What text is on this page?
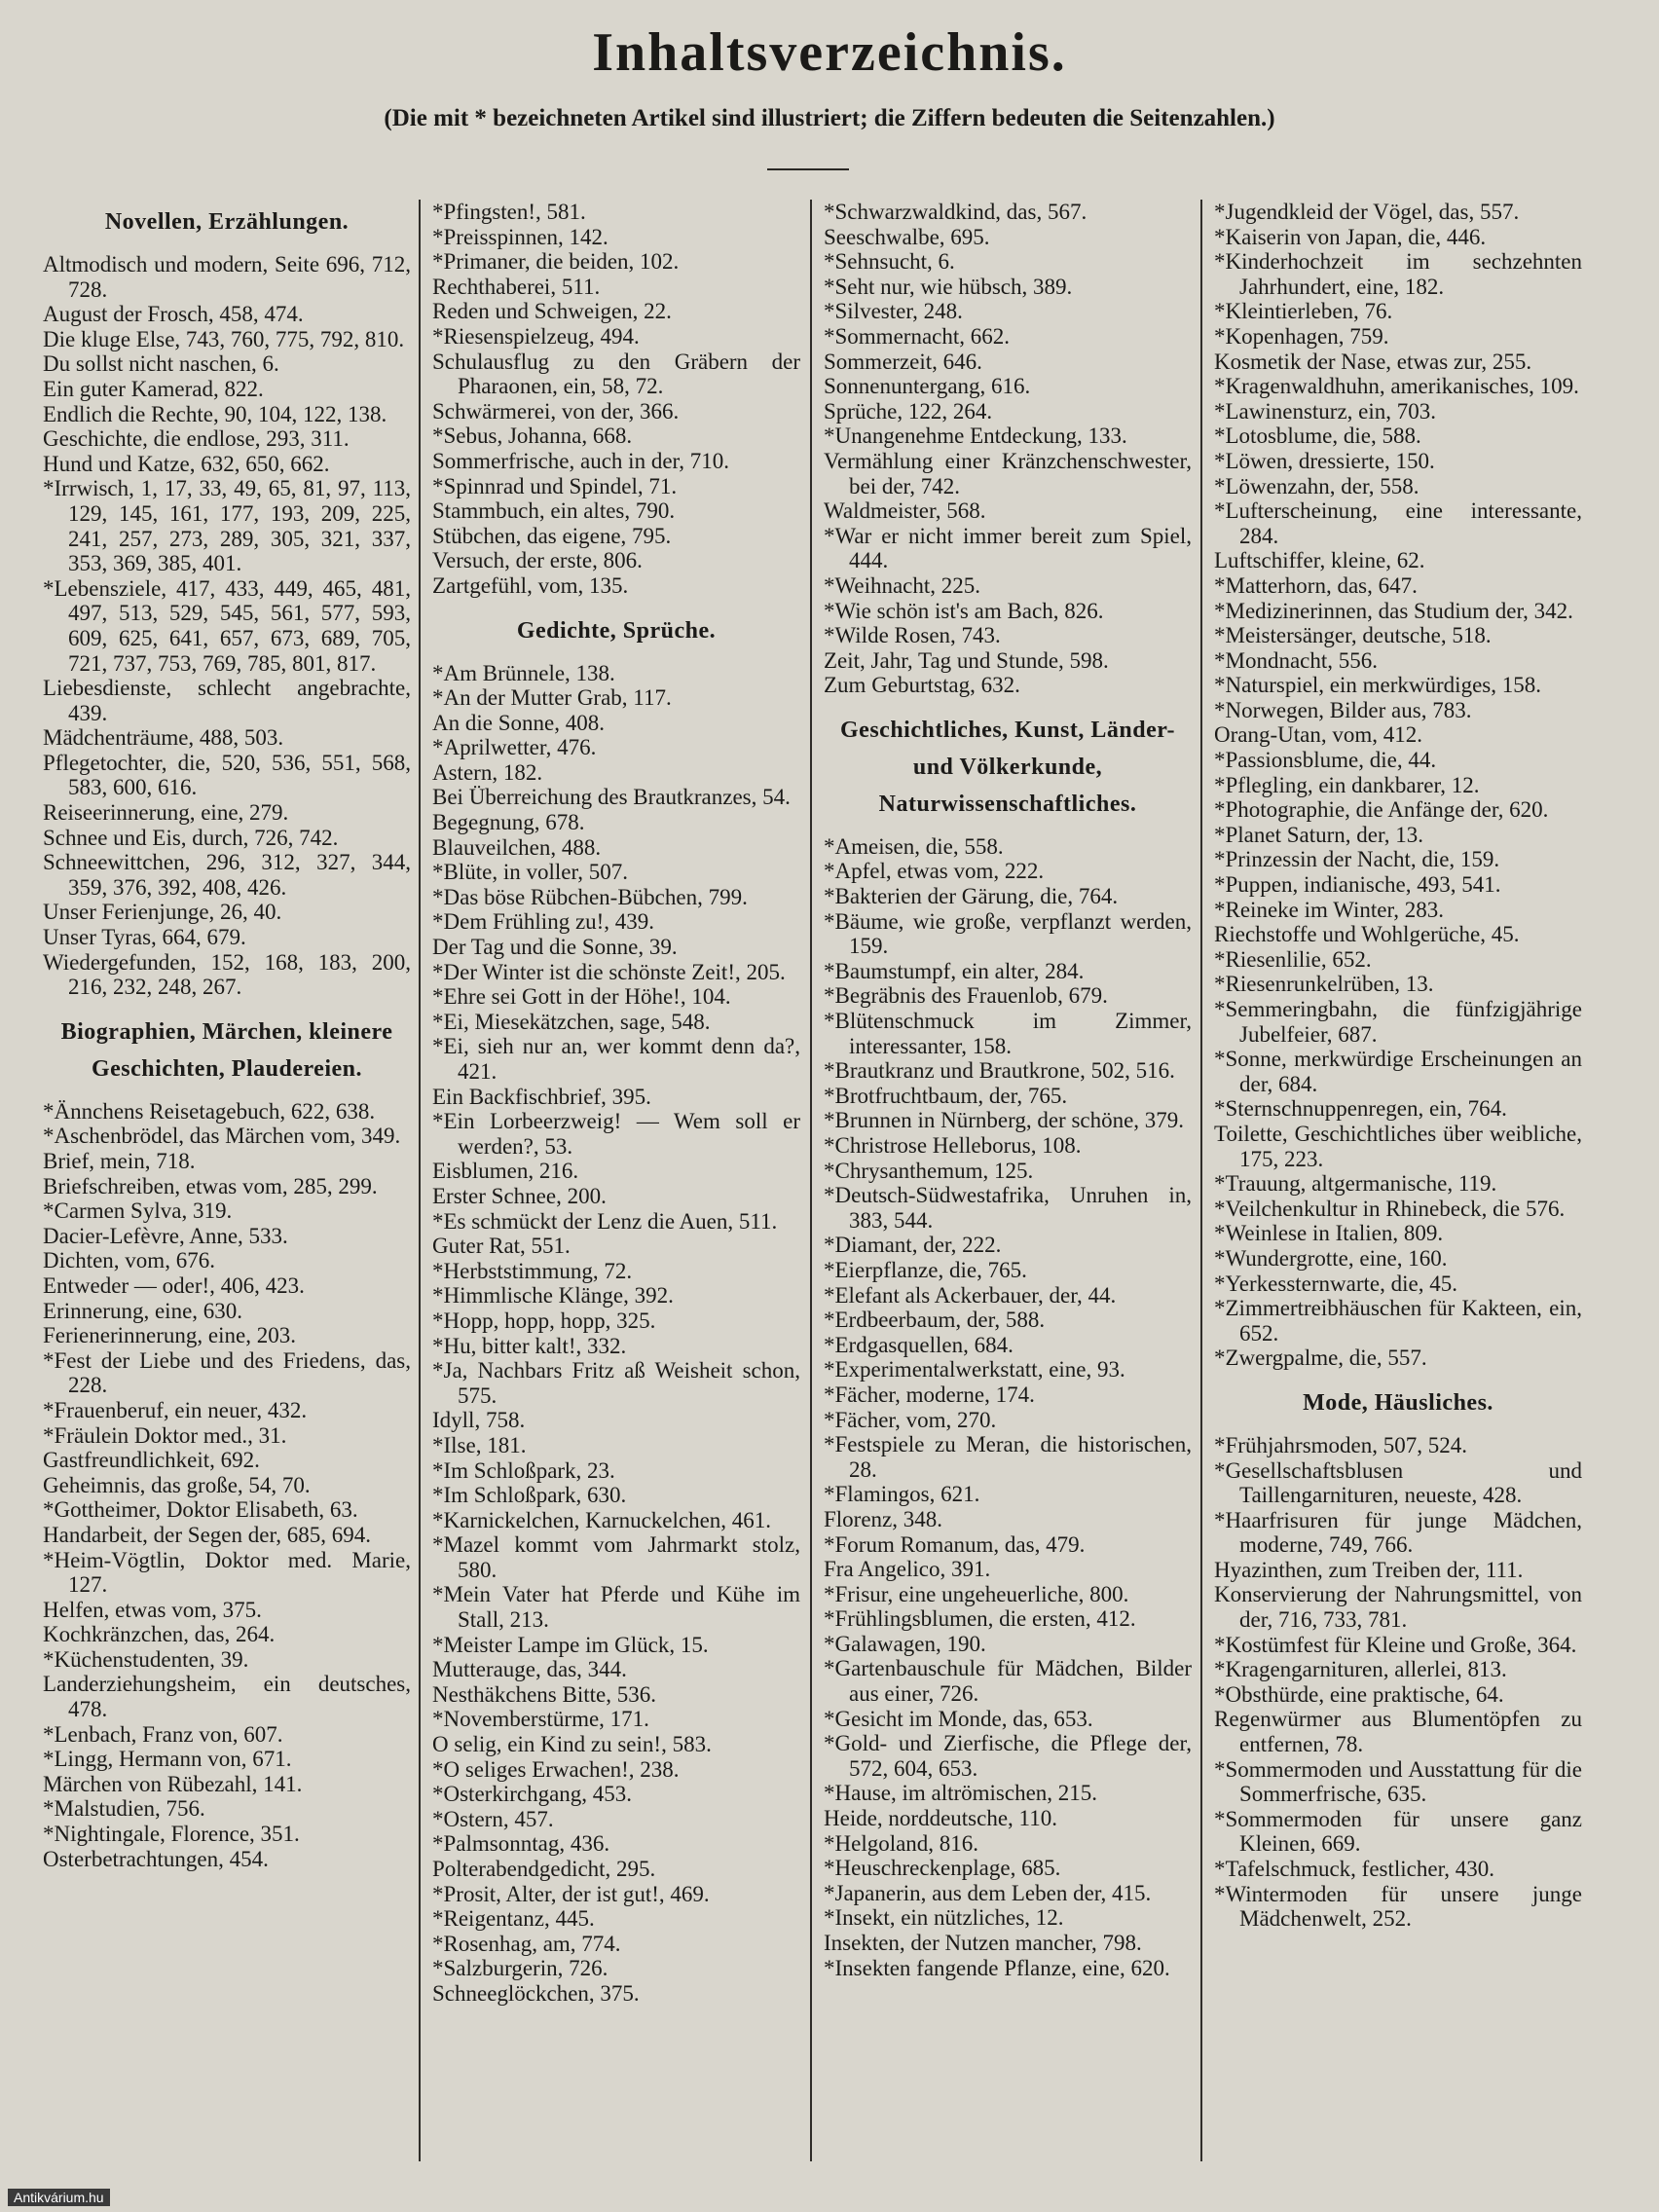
Inhaltsverzeichnis.
(Die mit * bezeichneten Artikel sind illustriert; die Ziffern bedeuten die Seitenzahlen.)
Novellen, Erzählungen.
Altmodisch und modern, Seite 696, 712, 728.
August der Frosch, 458, 474.
Die kluge Else, 743, 760, 775, 792, 810.
Du sollst nicht naschen, 6.
Ein guter Kamerad, 822.
Endlich die Rechte, 90, 104, 122, 138.
Geschichte, die endlose, 293, 311.
Hund und Katze, 632, 650, 662.
*Irrwisch, 1, 17, 33, 49, 65, 81, 97, 113, 129, 145, 161, 177, 193, 209, 225, 241, 257, 273, 289, 305, 321, 337, 353, 369, 385, 401.
*Lebensziele, 417, 433, 449, 465, 481, 497, 513, 529, 545, 561, 577, 593, 609, 625, 641, 657, 673, 689, 705, 721, 737, 753, 769, 785, 801, 817.
Liebesdienste, schlecht angebrachte, 439.
Mädchenträume, 488, 503.
Pflegetochter, die, 520, 536, 551, 568, 583, 600, 616.
Reiseerinnerung, eine, 279.
Schnee und Eis, durch, 726, 742.
Schneewittchen, 296, 312, 327, 344, 359, 376, 392, 408, 426.
Unser Ferienjunge, 26, 40.
Unser Tyras, 664, 679.
Wiedergefunden, 152, 168, 183, 200, 216, 232, 248, 267.
Biographien, Märchen, kleinere Geschichten, Plaudereien.
*Ännchens Reisetagebuch, 622, 638.
*Aschenbrödel, das Märchen vom, 349.
Brief, mein, 718.
Briefschreiben, etwas vom, 285, 299.
*Carmen Sylva, 319.
Dacier-Lefèvre, Anne, 533.
Dichten, vom, 676.
Entweder — oder!, 406, 423.
Erinnerung, eine, 630.
Ferienerinnerung, eine, 203.
*Fest der Liebe und des Friedens, das, 228.
*Frauenberuf, ein neuer, 432.
*Fräulein Doktor med., 31.
Gastfreundlichkeit, 692.
Geheimnis, das große, 54, 70.
*Gottheimer, Doktor Elisabeth, 63.
Handarbeit, der Segen der, 685, 694.
*Heim-Vögtlin, Doktor med. Marie, 127.
Helfen, etwas vom, 375.
Kochkränzchen, das, 264.
*Küchenstudenten, 39.
Landerziehungsheim, ein deutsches, 478.
*Lenbach, Franz von, 607.
*Lingg, Hermann von, 671.
Märchen von Rübezahl, 141.
*Malstudien, 756.
*Nightingale, Florence, 351.
Osterbetrachtungen, 454.
*Pfingsten!, 581.
*Preisspinnen, 142.
*Primaner, die beiden, 102.
Rechthaberei, 511.
Reden und Schweigen, 22.
*Riesenspielzeug, 494.
Schulausflug zu den Gräbern der Pharaonen, ein, 58, 72.
Schwärmerei, von der, 366.
*Sebus, Johanna, 668.
Sommerfrische, auch in der, 710.
*Spinnrad und Spindel, 71.
Stammbuch, ein altes, 790.
Stübchen, das eigene, 795.
Versuch, der erste, 806.
Zartgefühl, vom, 135.
Gedichte, Sprüche.
*Am Brünnele, 138.
*An der Mutter Grab, 117.
An die Sonne, 408.
*Aprilwetter, 476.
Astern, 182.
Bei Überreichung des Brautkranzes, 54.
Begegnung, 678.
Blauveilchen, 488.
*Blüte, in voller, 507.
*Das böse Rübchen-Bübchen, 799.
*Dem Frühling zu!, 439.
Der Tag und die Sonne, 39.
*Der Winter ist die schönste Zeit!, 205.
*Ehre sei Gott in der Höhe!, 104.
*Ei, Miesekätzchen, sage, 548.
*Ei, sieh nur an, wer kommt denn da?, 421.
Ein Backfischbrief, 395.
*Ein Lorbeerzweig! — Wem soll er werden?, 53.
Eisblumen, 216.
Erster Schnee, 200.
*Es schmückt der Lenz die Auen, 511.
Guter Rat, 551.
*Herbststimmung, 72.
*Himmlische Klänge, 392.
*Hopp, hopp, hopp, 325.
*Hu, bitter kalt!, 332.
*Ja, Nachbars Fritz aß Weisheit schon, 575.
Idyll, 758.
*Ilse, 181.
*Im Schloßpark, 23.
*Im Schloßpark, 630.
*Karnickelchen, Karnuckelchen, 461.
*Mazel kommt vom Jahrmarkt stolz, 580.
*Mein Vater hat Pferde und Kühe im Stall, 213.
*Meister Lampe im Glück, 15.
Mutterauge, das, 344.
Nesthäkchens Bitte, 536.
*Novemberstürme, 171.
O selig, ein Kind zu sein!, 583.
*O seliges Erwachen!, 238.
*Osterkirchgang, 453.
*Ostern, 457.
*Palmsonntag, 436.
Polterabendgedicht, 295.
*Prosit, Alter, der ist gut!, 469.
*Reigentanz, 445.
*Rosenhag, am, 774.
*Salzburgerin, 726.
Schneeglöckchen, 375.
*Schwarzwaldkind, das, 567.
Seeschwalbe, 695.
*Sehnsucht, 6.
*Seht nur, wie hübsch, 389.
*Silvester, 248.
*Sommernacht, 662.
Sommerzeit, 646.
Sonnenuntergang, 616.
Sprüche, 122, 264.
*Unangenehme Entdeckung, 133.
Vermählung einer Kränzchenschwester, bei der, 742.
Waldmeister, 568.
*War er nicht immer bereit zum Spiel, 444.
*Weihnacht, 225.
*Wie schön ist's am Bach, 826.
*Wilde Rosen, 743.
Zeit, Jahr, Tag und Stunde, 598.
Zum Geburtstag, 632.
Geschichtliches, Kunst, Länder- und Völkerkunde, Naturwissenschaftliches.
*Ameisen, die, 558.
*Apfel, etwas vom, 222.
*Bakterien der Gärung, die, 764.
*Bäume, wie große, verpflanzt werden, 159.
*Baumstumpf, ein alter, 284.
*Begräbnis des Frauenlob, 679.
*Blütenschmuck im Zimmer, interessanter, 158.
*Brautkranz und Brautkrone, 502, 516.
*Brotfruchtbaum, der, 765.
*Brunnen in Nürnberg, der schöne, 379.
*Christrose Helleborus, 108.
*Chrysanthemum, 125.
*Deutsch-Südwestafrika, Unruhen in, 383, 544.
*Diamant, der, 222.
*Eierpflanze, die, 765.
*Elefant als Ackerbauer, der, 44.
*Erdbeerbaum, der, 588.
*Erdgasquellen, 684.
*Experimentalwerkstatt, eine, 93.
*Fächer, moderne, 174.
*Fächer, vom, 270.
*Festspiele zu Meran, die historischen, 28.
*Flamingos, 621.
Florenz, 348.
*Forum Romanum, das, 479.
Fra Angelico, 391.
*Frisur, eine ungeheuerliche, 800.
*Frühlingsblumen, die ersten, 412.
*Galawagen, 190.
*Gartenbauschule für Mädchen, Bilder aus einer, 726.
*Gesicht im Monde, das, 653.
*Gold- und Zierfische, die Pflege der, 572, 604, 653.
*Hause, im altrömischen, 215.
Heide, norddeutsche, 110.
*Helgoland, 816.
*Heuschreckenplage, 685.
*Japanerin, aus dem Leben der, 415.
*Insekt, ein nützliches, 12.
Insekten, der Nutzen mancher, 798.
*Insekten fangende Pflanze, eine, 620.
*Jugendkleid der Vögel, das, 557.
*Kaiserin von Japan, die, 446.
*Kinderhochzeit im sechzehnten Jahrhundert, eine, 182.
*Kleintierleben, 76.
*Kopenhagen, 759.
Kosmetik der Nase, etwas zur, 255.
*Kragenwaldhuhn, amerikanisches, 109.
*Lawinensturz, ein, 703.
*Lotosblume, die, 588.
*Löwen, dressierte, 150.
*Löwenzahn, der, 558.
*Lufterscheinung, eine interessante, 284.
Luftschiffer, kleine, 62.
*Matterhorn, das, 647.
*Medizinerinnen, das Studium der, 342.
*Meistersänger, deutsche, 518.
*Mondnacht, 556.
*Naturspiel, ein merkwürdiges, 158.
*Norwegen, Bilder aus, 783.
Orang-Utan, vom, 412.
*Passionsblume, die, 44.
*Pflegling, ein dankbarer, 12.
*Photographie, die Anfänge der, 620.
*Planet Saturn, der, 13.
*Prinzessin der Nacht, die, 159.
*Puppen, indianische, 493, 541.
*Reineke im Winter, 283.
Riechstoffe und Wohlgerüche, 45.
*Riesenlilie, 652.
*Riesenrunkelrüben, 13.
*Semmeringbahn, die fünfzigjährige Jubelfeier, 687.
*Sonne, merkwürdige Erscheinungen an der, 684.
*Sternschnuppenregen, ein, 764.
Toilette, Geschichtliches über weibliche, 175, 223.
*Trauung, altgermanische, 119.
*Veilchenkultur in Rhinebeck, die 576.
*Weinlese in Italien, 809.
*Wundergrotte, eine, 160.
*Yerkessternwarte, die, 45.
*Zimmertreibhäuschen für Kakteen, ein, 652.
*Zwergpalme, die, 557.
Mode, Häusliches.
*Frühjahrsmoden, 507, 524.
*Gesellschaftsblusen und Taillengarnituren, neueste, 428.
*Haarfrisuren für junge Mädchen, moderne, 749, 766.
Hyazinthen, zum Treiben der, 111.
Konservierung der Nahrungsmittel, von der, 716, 733, 781.
*Kostümfest für Kleine und Große, 364.
*Kragengarnituren, allerlei, 813.
*Obsthürde, eine praktische, 64.
Regenwürmer aus Blumentöpfen zu entfernen, 78.
*Sommermoden und Ausstattung für die Sommerfrische, 635.
*Sommermoden für unsere ganz Kleinen, 669.
*Tafelschmuck, festlicher, 430.
*Wintermoden für unsere junge Mädchenwelt, 252.
Antikvárium.hu
